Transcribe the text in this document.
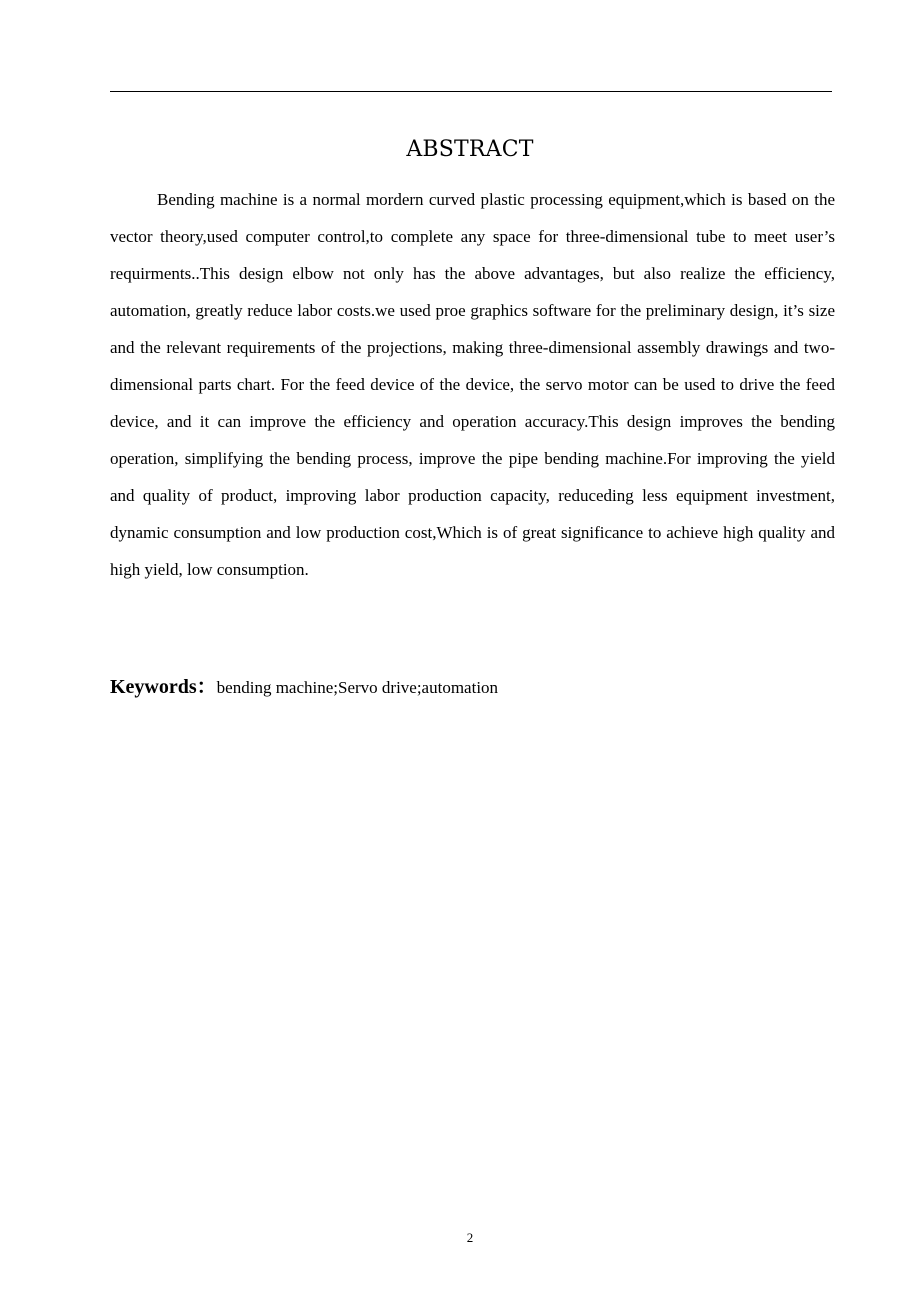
ABSTRACT

Bending machine is a normal mordern curved plastic processing equipment,which is based on the vector theory,used computer control,to complete any space for three-dimensional tube to meet user’s requirments..This design elbow not only has the above advantages, but also realize the efficiency, automation, greatly reduce labor costs.we used proe graphics software for the preliminary design, it’s size and the relevant requirements of the projections, making three-dimensional assembly drawings and two-dimensional parts chart. For the feed device of the device, the servo motor can be used to drive the feed device, and it can improve the efficiency and operation accuracy.This design improves the bending operation, simplifying the bending process, improve the pipe bending machine.For improving the yield and quality of product, improving labor production capacity, reduceding less equipment investment, dynamic consumption and low production cost,Which is of great significance to achieve high quality and high yield, low consumption.

Keywords：bending machine;Servo drive;automation
2
